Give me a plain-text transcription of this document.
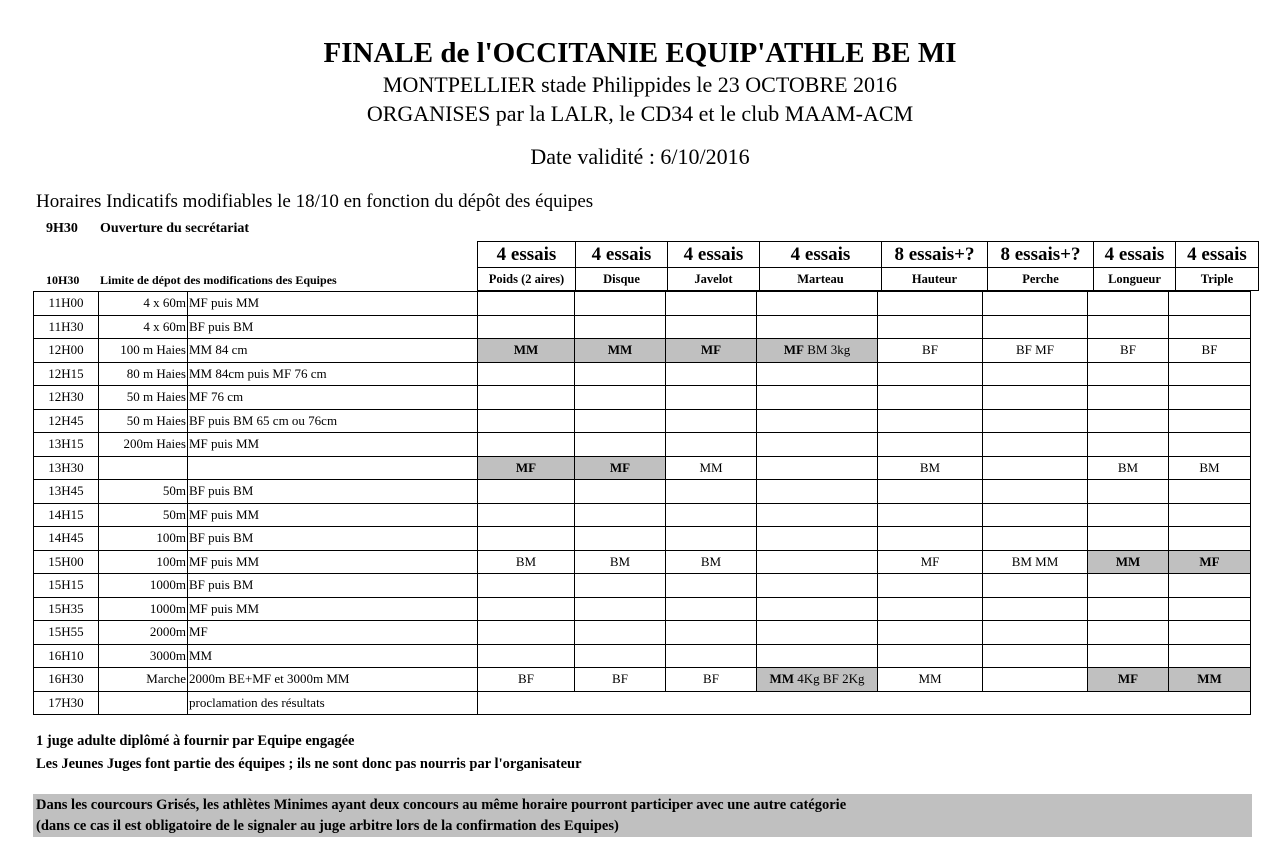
FINALE de l'OCCITANIE EQUIP'ATHLE BE MI
MONTPELLIER stade Philippides le 23 OCTOBRE 2016
ORGANISES par la LALR, le CD34 et le club MAAM-ACM
Date validité : 6/10/2016
Horaires Indicatifs modifiables le 18/10 en fonction du dépôt des équipes
9H30 Ouverture du secrétariat
10H30 Limite de dépot des modifications des Equipes
4 essais	4 essais	4 essais	4 essais	8 essais+?	8 essais+?	4 essais	4 essais
Poids (2 aires)	Disque	Javelot	Marteau	Hauteur	Perche	Longueur	Triple
11H00	4 x 60m	MF puis MM								
11H30	4 x 60m	BF puis BM								
12H00	100 m Haies	MM 84 cm	MM	MM	MF	MF BM 3kg	BF	BF MF	BF	BF
12H15	80 m Haies	MM 84cm puis MF 76 cm								
12H30	50 m Haies	MF 76 cm								
12H45	50 m Haies	BF puis BM 65 cm ou 76cm								
13H15	200m Haies	MF puis MM								
13H30			MF	MF	MM		BM		BM	BM
13H45	50m	BF puis BM								
14H15	50m	MF puis MM								
14H45	100m	BF puis BM								
15H00	100m	MF puis MM	BM	BM	BM		MF	BM MM	MM	MF
15H15	1000m	BF puis BM								
15H35	1000m	MF puis MM								
15H55	2000m	MF								
16H10	3000m	MM								
16H30	Marche	2000m BE+MF et 3000m MM	BF	BF	BF	MM 4Kg BF 2Kg	MM		MF	MM
17H30		proclamation des résultats								
1 juge adulte diplômé à fournir par Equipe engagée
Les Jeunes Juges font partie des équipes ; ils ne sont donc pas nourris par l'organisateur
Dans les courcours Grisés, les athlètes Minimes ayant deux concours au même horaire pourront participer avec une autre catégorie
(dans ce cas il est obligatoire de le signaler au juge arbitre lors de la confirmation des Equipes)
